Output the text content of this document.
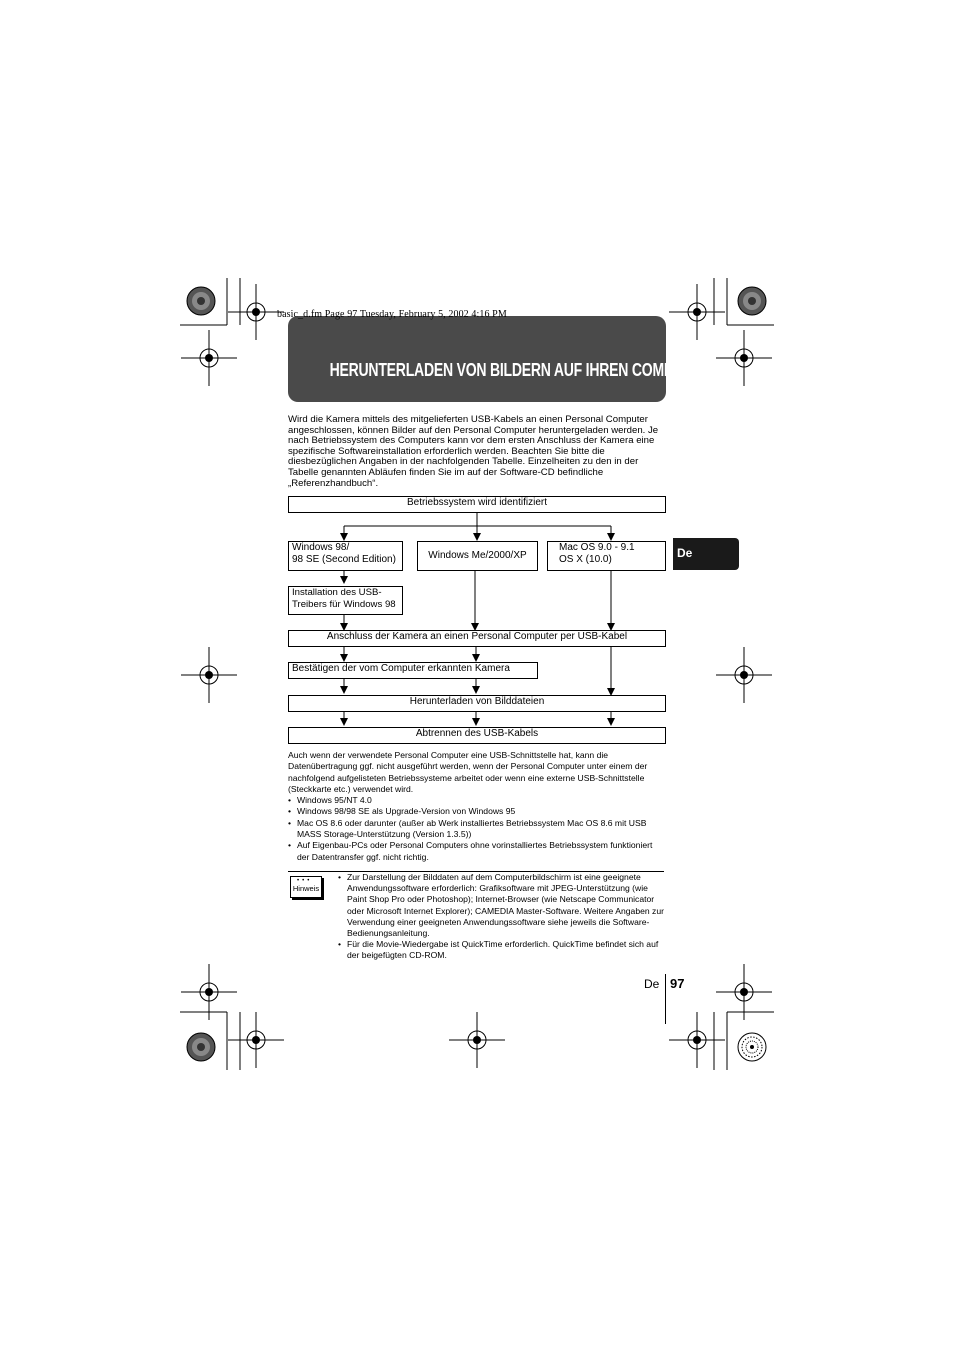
HERUNTERLADEN VON BILDERN AUF IHREN COMPUTER
basic_d.fm Page 97 Tuesday, February 5, 2002 4:16 PM
Wird die Kamera mittels des mitgelieferten USB-Kabels an einen Personal Computer angeschlossen, können Bilder auf den Personal Computer heruntergeladen werden. Je nach Betriebssystem des Computers kann vor dem ersten Anschluss der Kamera eine spezifische Softwareinstallation erforderlich werden. Beachten Sie bitte die diesbezüglichen Angaben in der nachfolgenden Tabelle. Einzelheiten zu den in der Tabelle genannten Abläufen finden Sie im auf der Software-CD befindliche „Referenzhandbuch“.
Betriebssystem wird identifiziert
Windows 98/
98 SE (Second Edition)	Windows Me/2000/XP
Mac OS 9.0 - 9.1
OS X (10.0)
Installation des USB-
Treibers für Windows 98
Anschluss der Kamera an einen Personal Computer per USB-Kabel
Bestätigen der vom Computer erkannten Kamera
Herunterladen von Bilddateien
Abtrennen des USB-Kabels
De
Auch wenn der verwendete Personal Computer eine USB-Schnittstelle hat, kann die Datenübertragung ggf. nicht ausgeführt werden, wenn der Personal Computer unter einem der nachfolgend aufgelisteten Betriebssysteme arbeitet oder wenn eine externe USB-Schnittstelle (Steckkarte etc.) verwendet wird.
• Windows 95/NT 4.0
• Windows 98/98 SE als Upgrade-Version von Windows 95
• Mac OS 8.6 oder darunter (außer ab Werk installiertes Betriebssystem Mac OS 8.6 mit USB MASS Storage-Unterstützung (Version 1.3.5))
• Auf Eigenbau-PCs oder Personal Computers ohne vorinstalliertes Betriebssystem funktioniert der Datentransfer ggf. nicht richtig.
•••
Hinweis
• Zur Darstellung der Bilddaten auf dem Computerbildschirm ist eine geeignete Anwendungssoftware erforderlich: Grafiksoftware mit JPEG-Unterstützung (wie Paint Shop Pro oder Photoshop); Internet-Browser (wie Netscape Communicator oder Microsoft Internet Explorer); CAMEDIA Master-Software. Weitere Angaben zur Verwendung einer geeigneten Anwendungssoftware siehe jeweils die Software-Bedienungsanleitung.
• Für die Movie-Wiedergabe ist QuickTime erforderlich. QuickTime befindet sich auf der beigefügten CD-ROM.
De 97
